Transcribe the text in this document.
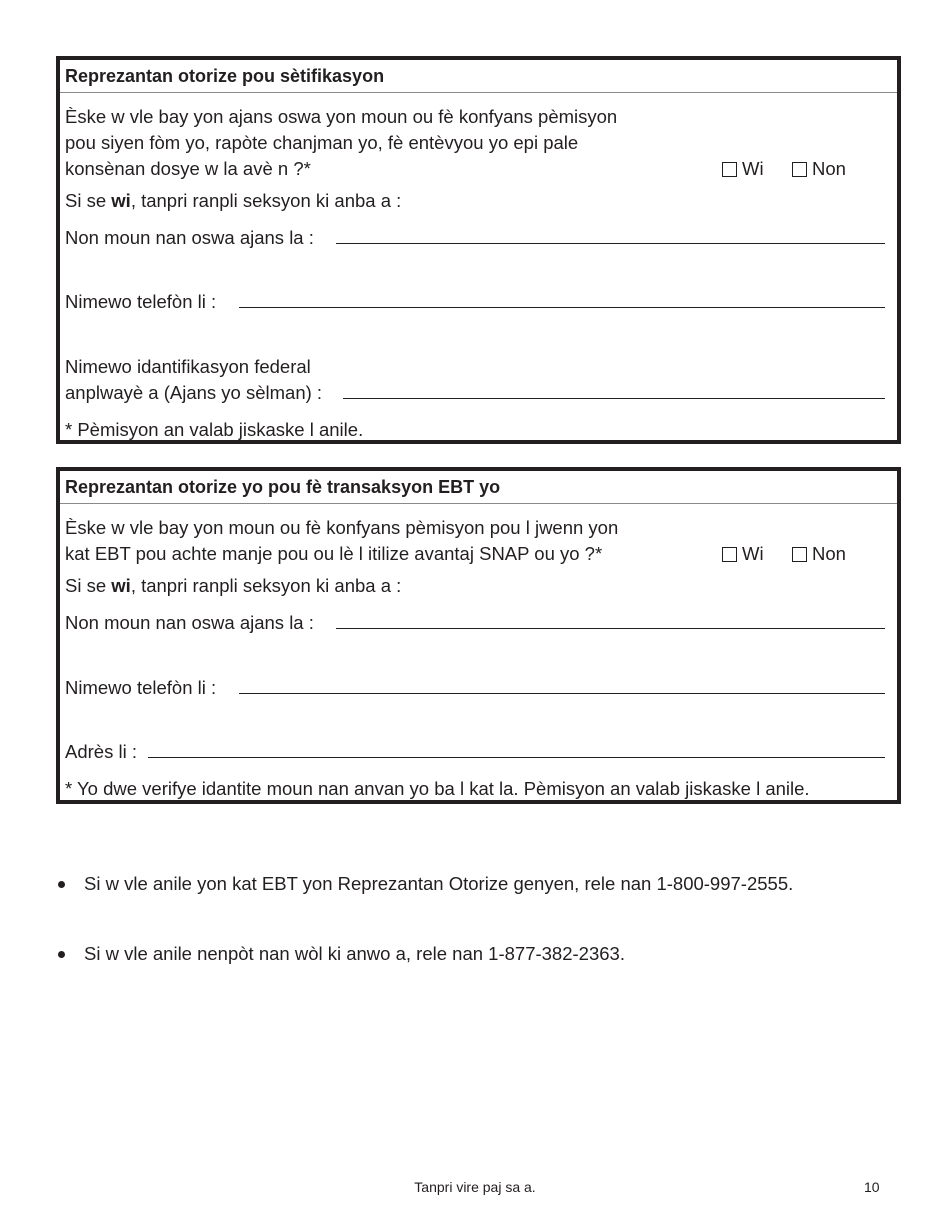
Reprezantan otorize pou sètifikasyon
Èske w vle bay yon ajans oswa yon moun ou fè konfyans pèmisyon
pou siyen fòm yo, rapòte chanjman yo, fè entèvyou yo epi pale
konsènan dosye w la avè n ?*	Wi	Non
Si se wi, tanpri ranpli seksyon ki anba a :
Non moun nan oswa ajans la :
Nimewo telefòn li :
Nimewo idantifikasyon federal
anplwayè a (Ajans yo sèlman) :
* Pèmisyon an valab jiskaske l anile.
Reprezantan otorize yo pou fè transaksyon EBT yo
Èske w vle bay yon moun ou fè konfyans pèmisyon pou l jwenn yon
kat EBT pou achte manje pou ou lè l itilize avantaj SNAP ou yo ?*	Wi	Non
Si se wi, tanpri ranpli seksyon ki anba a :
Non moun nan oswa ajans la :
Nimewo telefòn li :
Adrès li :
* Yo dwe verifye idantite moun nan anvan yo ba l kat la. Pèmisyon an valab jiskaske l anile.
Si w vle anile yon kat EBT yon Reprezantan Otorize genyen, rele nan 1-800-997-2555.
Si w vle anile nenpòt nan wòl ki anwo a, rele nan 1-877-382-2363.
Tanpri vire paj sa a.	10
